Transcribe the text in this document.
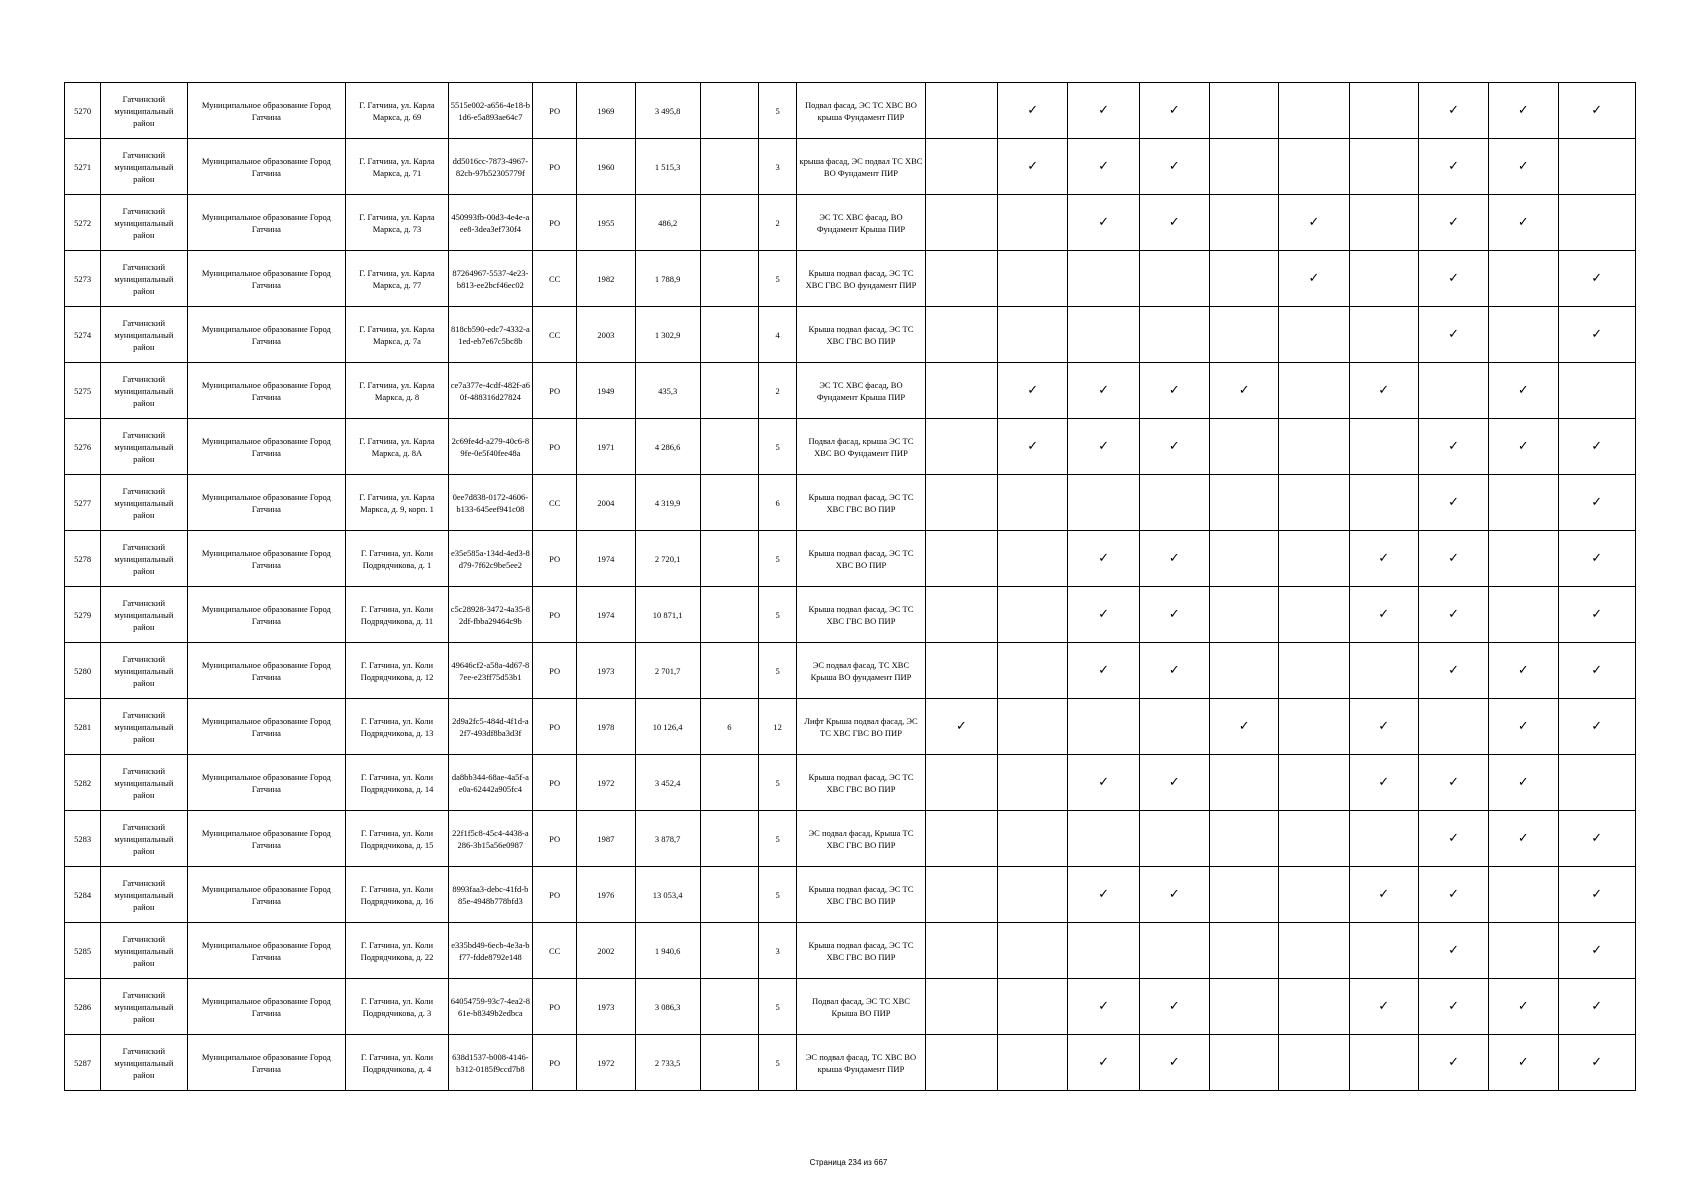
5270	Гатчинский муниципальный район	Муниципальное образование Город Гатчина	Г. Гатчина, ул. Карла Маркса, д. 69	5515e002-a656-4e18-b1d6-e5a893ae64c7	РО	1969	3 495,8		5	Подвал фасад, ЭС ТС ХВС ВО крыша Фундамент ПИР		✓	✓	✓				✓	✓	✓
5271	Гатчинский муниципальный район	Муниципальное образование Город Гатчина	Г. Гатчина, ул. Карла Маркса, д. 71	dd5016cc-7873-4967-82cb-97b52305779f	РО	1960	1 515,3		3	крыша фасад, ЭС подвал ТС ХВС ВО Фундамент ПИР		✓	✓	✓				✓	✓	
5272	Гатчинский муниципальный район	Муниципальное образование Город Гатчина	Г. Гатчина, ул. Карла Маркса, д. 73	450993fb-00d3-4e4e-aee8-3dea3ef730f4	РО	1955	486,2		2	ЭС ТС ХВС фасад, ВО Фундамент Крыша ПИР			✓	✓		✓		✓	✓	
5273	Гатчинский муниципальный район	Муниципальное образование Город Гатчина	Г. Гатчина, ул. Карла Маркса, д. 77	87264967-5537-4e23-b813-ee2bcf46ec02	СС	1982	1 788,9		5	Крыша подвал фасад, ЭС ТС ХВС ГВС ВО фундамент ПИР						✓		✓		✓
5274	Гатчинский муниципальный район	Муниципальное образование Город Гатчина	Г. Гатчина, ул. Карла Маркса, д. 7а	818cb590-edc7-4332-a1ed-eb7e67c5bc8b	СС	2003	1 302,9		4	Крыша подвал фасад, ЭС ТС ХВС ГВС ВО ПИР								✓		✓
5275	Гатчинский муниципальный район	Муниципальное образование Город Гатчина	Г. Гатчина, ул. Карла Маркса, д. 8	ce7a377e-4cdf-482f-a60f-488316d27824	РО	1949	435,3		2	ЭС ТС ХВС фасад, ВО Фундамент Крыша ПИР		✓	✓	✓	✓		✓		✓	
5276	Гатчинский муниципальный район	Муниципальное образование Город Гатчина	Г. Гатчина, ул. Карла Маркса, д. 8А	2c69fe4d-a279-40c6-89fe-0e5f40fee48a	РО	1971	4 286,6		5	Подвал фасад, крыша ЭС ТС ХВС ВО Фундамент ПИР		✓	✓	✓				✓	✓	✓
5277	Гатчинский муниципальный район	Муниципальное образование Город Гатчина	Г. Гатчина, ул. Карла Маркса, д. 9, корп. 1	0ee7d838-0172-4606-b133-645eef941c08	СС	2004	4 319,9		6	Крыша подвал фасад, ЭС ТС ХВС ГВС ВО ПИР								✓		✓
5278	Гатчинский муниципальный район	Муниципальное образование Город Гатчина	Г. Гатчина, ул. Коли Подрядчикова, д. 1	e35e585a-134d-4ed3-8d79-7f62c9be5ee2	РО	1974	2 720,1		5	Крыша подвал фасад, ЭС ТС ХВС ВО ПИР			✓	✓			✓	✓		✓
5279	Гатчинский муниципальный район	Муниципальное образование Город Гатчина	Г. Гатчина, ул. Коли Подрядчикова, д. 11	c5c28928-3472-4a35-82df-fbba29464c9b	РО	1974	10 871,1		5	Крыша подвал фасад, ЭС ТС ХВС ГВС ВО ПИР			✓	✓			✓	✓		✓
5280	Гатчинский муниципальный район	Муниципальное образование Город Гатчина	Г. Гатчина, ул. Коли Подрядчикова, д. 12	49646cf2-a58a-4d67-87ee-e23ff75d53b1	РО	1973	2 701,7		5	ЭС подвал фасад, ТС ХВС Крыша ВО фундамент ПИР			✓	✓				✓	✓	✓
5281	Гатчинский муниципальный район	Муниципальное образование Город Гатчина	Г. Гатчина, ул. Коли Подрядчикова, д. 13	2d9a2fc5-484d-4f1d-a2f7-493df8ba3d3f	РО	1978	10 126,4	6	12	Лифт Крыша подвал фасад, ЭС ТС ХВС ГВС ВО ПИР	✓				✓		✓		✓	✓
5282	Гатчинский муниципальный район	Муниципальное образование Город Гатчина	Г. Гатчина, ул. Коли Подрядчикова, д. 14	da8bb344-68ae-4a5f-ae0a-62442a905fc4	РО	1972	3 452,4		5	Крыша подвал фасад, ЭС ТС ХВС ГВС ВО ПИР			✓	✓			✓	✓	✓	
5283	Гатчинский муниципальный район	Муниципальное образование Город Гатчина	Г. Гатчина, ул. Коли Подрядчикова, д. 15	22f1f5c8-45c4-4438-a286-3b15a56e0987	РО	1987	3 878,7		5	ЭС подвал фасад, Крыша ТС ХВС ГВС ВО ПИР								✓	✓	✓
5284	Гатчинский муниципальный район	Муниципальное образование Город Гатчина	Г. Гатчина, ул. Коли Подрядчикова, д. 16	8993faa3-debc-41fd-b85e-4948b778bfd3	РО	1976	13 053,4		5	Крыша подвал фасад, ЭС ТС ХВС ГВС ВО ПИР			✓	✓			✓	✓		✓
5285	Гатчинский муниципальный район	Муниципальное образование Город Гатчина	Г. Гатчина, ул. Коли Подрядчикова, д. 22	e335bd49-6ecb-4e3a-bf77-fdde8792e148	СС	2002	1 940,6		3	Крыша подвал фасад, ЭС ТС ХВС ГВС ВО ПИР								✓		✓
5286	Гатчинский муниципальный район	Муниципальное образование Город Гатчина	Г. Гатчина, ул. Коли Подрядчикова, д. 3	64054759-93c7-4ea2-861e-b8349b2edbca	РО	1973	3 086,3		5	Подвал фасад, ЭС ТС ХВС Крыша ВО ПИР			✓	✓			✓	✓	✓	✓
5287	Гатчинский муниципальный район	Муниципальное образование Город Гатчина	Г. Гатчина, ул. Коли Подрядчикова, д. 4	638d1537-b008-4146-b312-0185f9ccd7b8	РО	1972	2 733,5		5	ЭС подвал фасад, ТС ХВС ВО крыша Фундамент ПИР			✓	✓				✓	✓	✓
Страница 234 из 667
